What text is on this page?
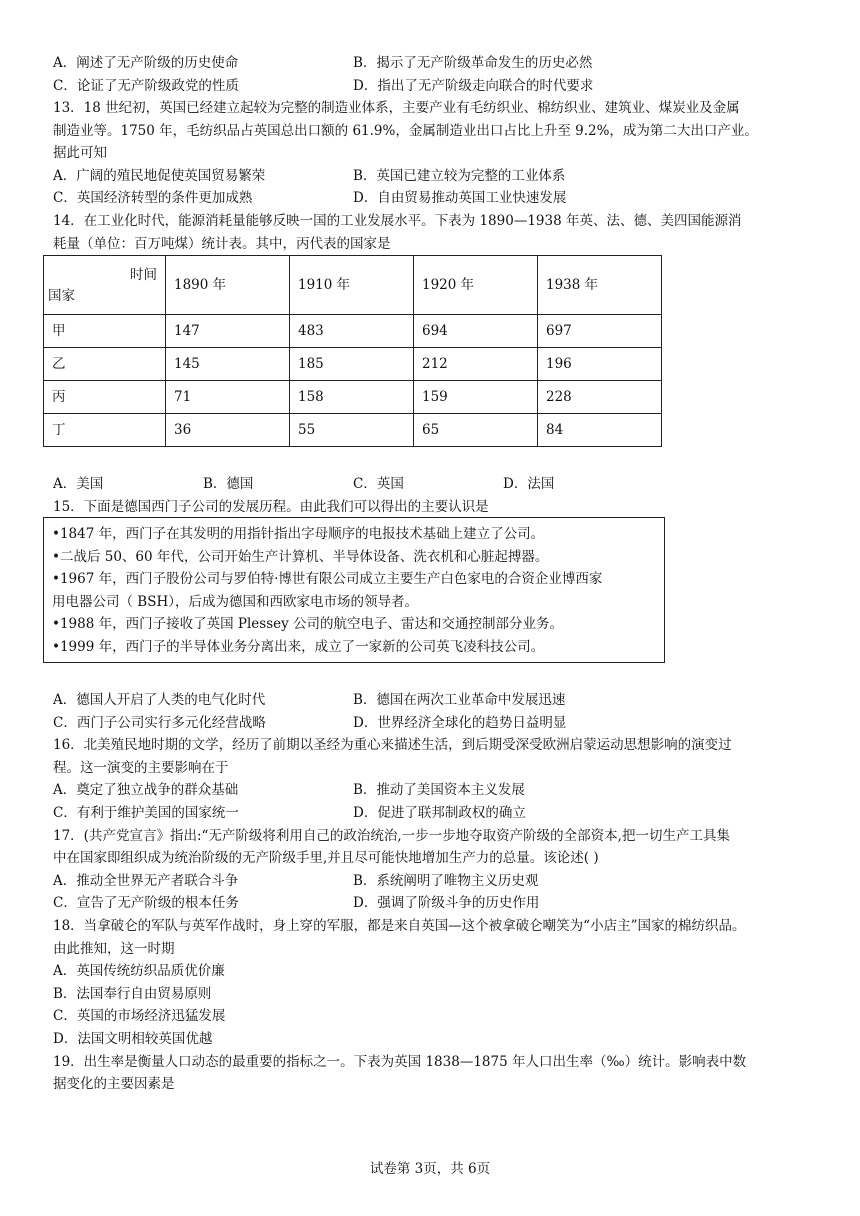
A．阐述了无产阶级的历史使命	B．揭示了无产阶级革命发生的历史必然
C．论证了无产阶级政党的性质	D．指出了无产阶级走向联合的时代要求
13．18 世纪初，英国已经建立起较为完整的制造业体系，主要产业有毛纺织业、棉纺织业、建筑业、煤炭业及金属
制造业等。1750 年，毛纺织品占英国总出口额的 61.9%，金属制造业出口占比上升至 9.2%，成为第二大出口产业。
据此可知
A．广阔的殖民地促使英国贸易繁荣	B．英国已建立较为完整的工业体系
C．英国经济转型的条件更加成熟	D．自由贸易推动英国工业快速发展
14．在工业化时代，能源消耗量能够反映一国的工业发展水平。下表为 1890—1938 年英、法、德、美四国能源消
耗量（单位：百万吨煤）统计表。其中，丙代表的国家是
时间
国家	1890 年	1910 年	1920 年	1938 年
甲	147	483	694	697
乙	145	185	212	196
丙	71	158	159	228
丁	36	55	65	84
A．美国	B．德国	C．英国	D．法国
15．下面是德国西门子公司的发展历程。由此我们可以得出的主要认识是
•1847 年，西门子在其发明的用指针指出字母顺序的电报技术基础上建立了公司。
•二战后 50、60 年代，公司开始生产计算机、半导体设备、洗衣机和心脏起搏器。
•1967 年，西门子股份公司与罗伯特·博世有限公司成立主要生产白色家电的合资企业博西家
用电器公司（ BSH），后成为德国和西欧家电市场的领导者。
•1988 年，西门子接收了英国 Plessey 公司的航空电子、雷达和交通控制部分业务。
•1999 年，西门子的半导体业务分离出来，成立了一家新的公司英飞凌科技公司。
A．德国人开启了人类的电气化时代	B．德国在两次工业革命中发展迅速
C．西门子公司实行多元化经营战略	D．世界经济全球化的趋势日益明显
16．北美殖民地时期的文学，经历了前期以圣经为重心来描述生活，到后期受深受欧洲启蒙运动思想影响的演变过
程。这一演变的主要影响在于
A．奠定了独立战争的群众基础	B．推动了美国资本主义发展
C．有利于维护美国的国家统一	D．促进了联邦制政权的确立
17．(共产党宣言》指出:“无产阶级将利用自己的政治统治,一步一步地夺取资产阶级的全部资本,把一切生产工具集
中在国家即组织成为统治阶级的无产阶级手里,并且尽可能快地增加生产力的总量。该论述( )
A．推动全世界无产者联合斗争	B．系统阐明了唯物主义历史观
C．宣告了无产阶级的根本任务	D．强调了阶级斗争的历史作用
18．当拿破仑的军队与英军作战时，身上穿的军服，都是来自英国—这个被拿破仑嘲笑为“小店主”国家的棉纺织品。
由此推知，这一时期
A．英国传统纺织品质优价廉
B．法国奉行自由贸易原则
C．英国的市场经济迅猛发展
D．法国文明相较英国优越
19．出生率是衡量人口动态的最重要的指标之一。下表为英国 1838—1875 年人口出生率（‰）统计。影响表中数
据变化的主要因素是
试卷第 3页，共 6页
